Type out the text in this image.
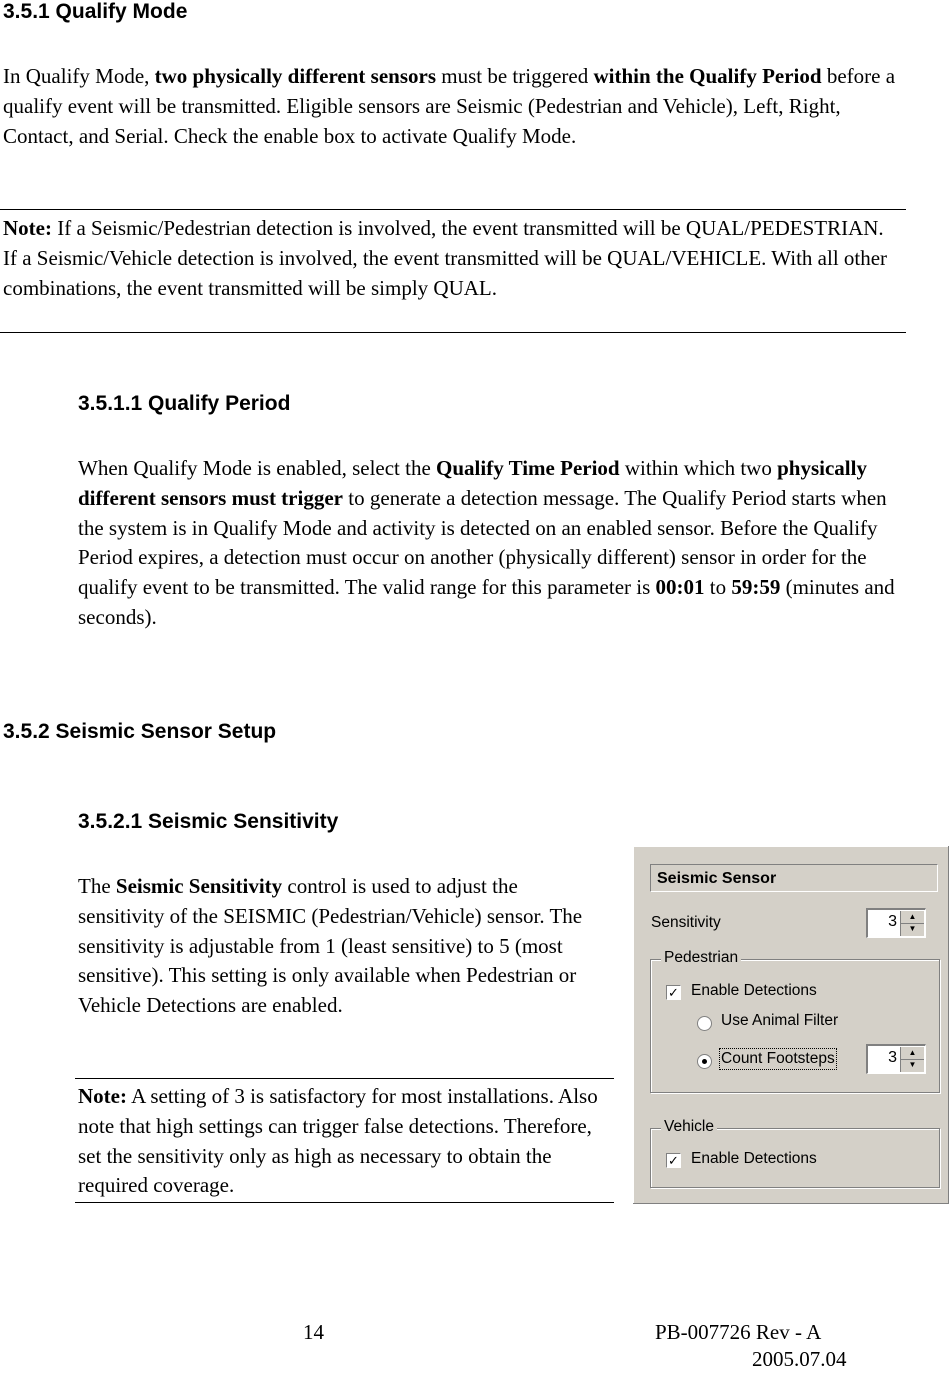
3.5.1 Qualify Mode
In Qualify Mode, two physically different sensors must be triggered within the Qualify Period before a qualify event will be transmitted. Eligible sensors are Seismic (Pedestrian and Vehicle), Left, Right, Contact, and Serial. Check the enable box to activate Qualify Mode.
Note: If a Seismic/Pedestrian detection is involved, the event transmitted will be QUAL/PEDESTRIAN. If a Seismic/Vehicle detection is involved, the event transmitted will be QUAL/VEHICLE. With all other combinations, the event transmitted will be simply QUAL.
3.5.1.1 Qualify Period
When Qualify Mode is enabled, select the Qualify Time Period within which two physically different sensors must trigger to generate a detection message. The Qualify Period starts when the system is in Qualify Mode and activity is detected on an enabled sensor. Before the Qualify Period expires, a detection must occur on another (physically different) sensor in order for the qualify event to be transmitted. The valid range for this parameter is 00:01 to 59:59 (minutes and seconds).
3.5.2 Seismic Sensor Setup
3.5.2.1 Seismic Sensitivity
The Seismic Sensitivity control is used to adjust the sensitivity of the SEISMIC (Pedestrian/Vehicle) sensor. The sensitivity is adjustable from 1 (least sensitive) to 5 (most sensitive). This setting is only available when Pedestrian or Vehicle Detections are enabled.
Note: A setting of 3 is satisfactory for most installations. Also note that high settings can trigger false detections. Therefore, set the sensitivity only as high as necessary to obtain the required coverage.
Seismic Sensor
Sensitivity	3	▲
▼
Pedestrian
✓ Enable Detections
Use Animal Filter
Count Footsteps	3	▲
▼
Vehicle
✓ Enable Detections
14	PB-007726 Rev - A
2005.07.04
